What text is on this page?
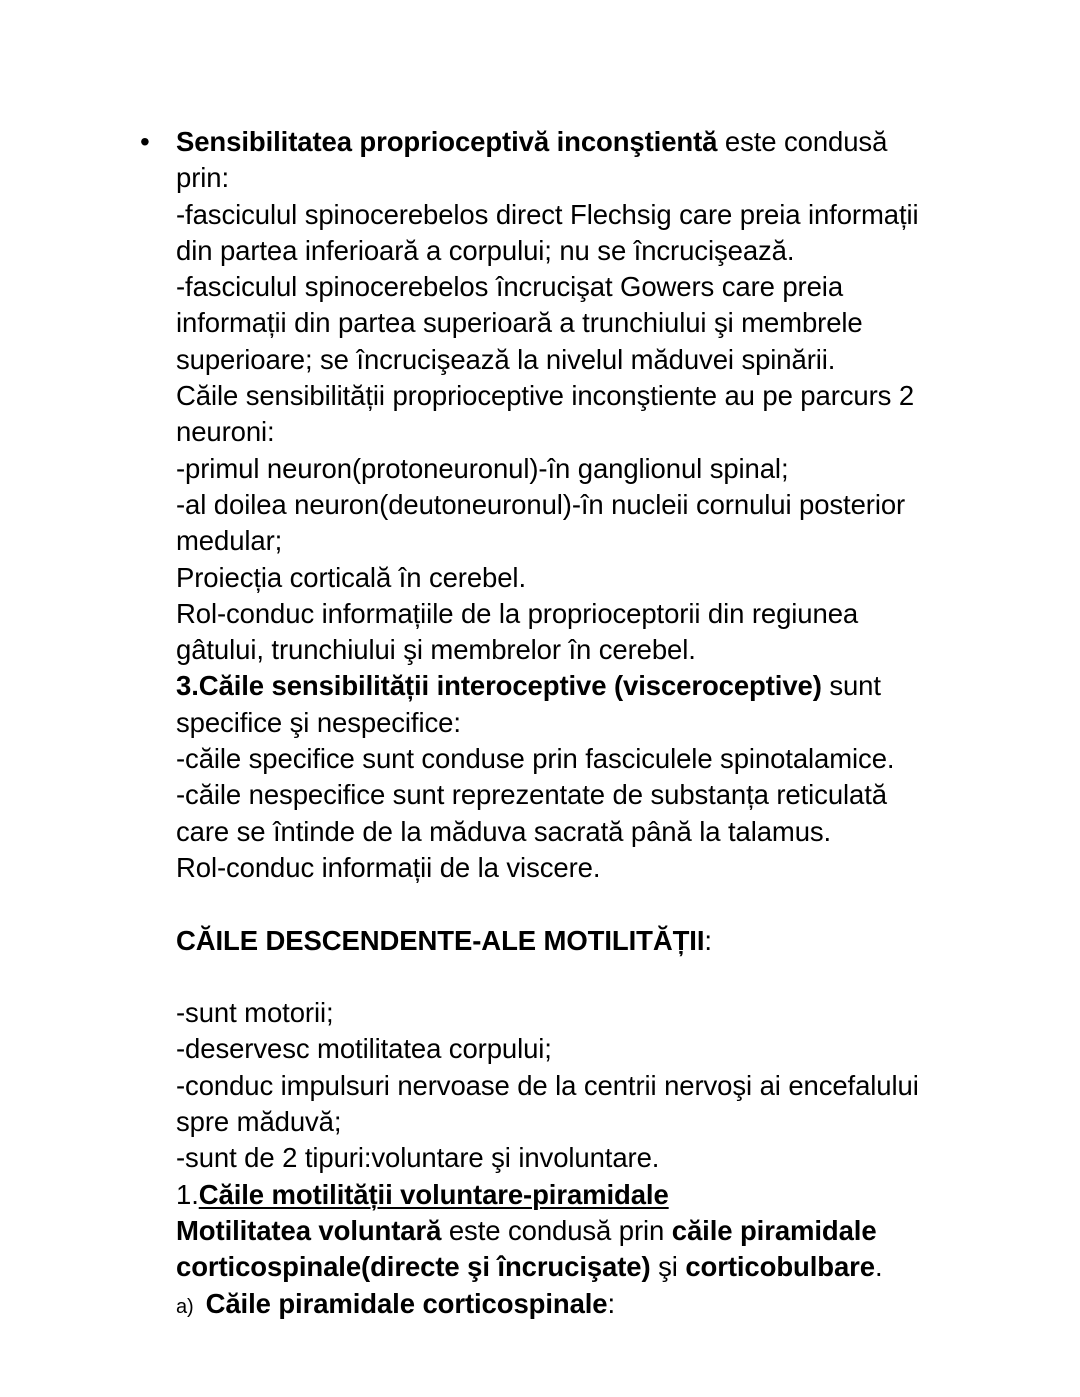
• Sensibilitatea proprioceptivă inconştientă este condusă
prin:
-fasciculul spinocerebelos direct Flechsig care preia informații
din partea inferioară a corpului; nu se încrucişează.
-fasciculul spinocerebelos încrucişat Gowers care preia
informații din partea superioară a trunchiului şi membrele
superioare; se încrucişează la nivelul măduvei spinării.
Căile sensibilității proprioceptive inconştiente au pe parcurs 2
neuroni:
-primul neuron(protoneuronul)-în ganglionul spinal;
-al doilea neuron(deutoneuronul)-în nucleii cornului posterior
medular;
Proiecția corticală în cerebel.
Rol-conduc informațiile de la proprioceptorii din regiunea
gâtului, trunchiului şi membrelor în cerebel.
3.Căile sensibilității interoceptive (visceroceptive) sunt
specifice şi nespecifice:
-căile specifice sunt conduse prin fasciculele spinotalamice.
-căile nespecifice sunt reprezentate de substanța reticulată
care se întinde de la măduva sacrată până la talamus.
Rol-conduc informații de la viscere.
CĂILE DESCENDENTE-ALE MOTILITĂȚII:
-sunt motorii;
-deservesc motilitatea corpului;
-conduc impulsuri nervoase de la centrii nervoşi ai encefalului
spre măduvă;
-sunt de 2 tipuri:voluntare şi involuntare.
1.Căile motilității voluntare-piramidale
Motilitatea voluntară este condusă prin căile piramidale
corticospinale(directe şi încrucişate) şi corticobulbare.
a) Căile piramidale corticospinale:
